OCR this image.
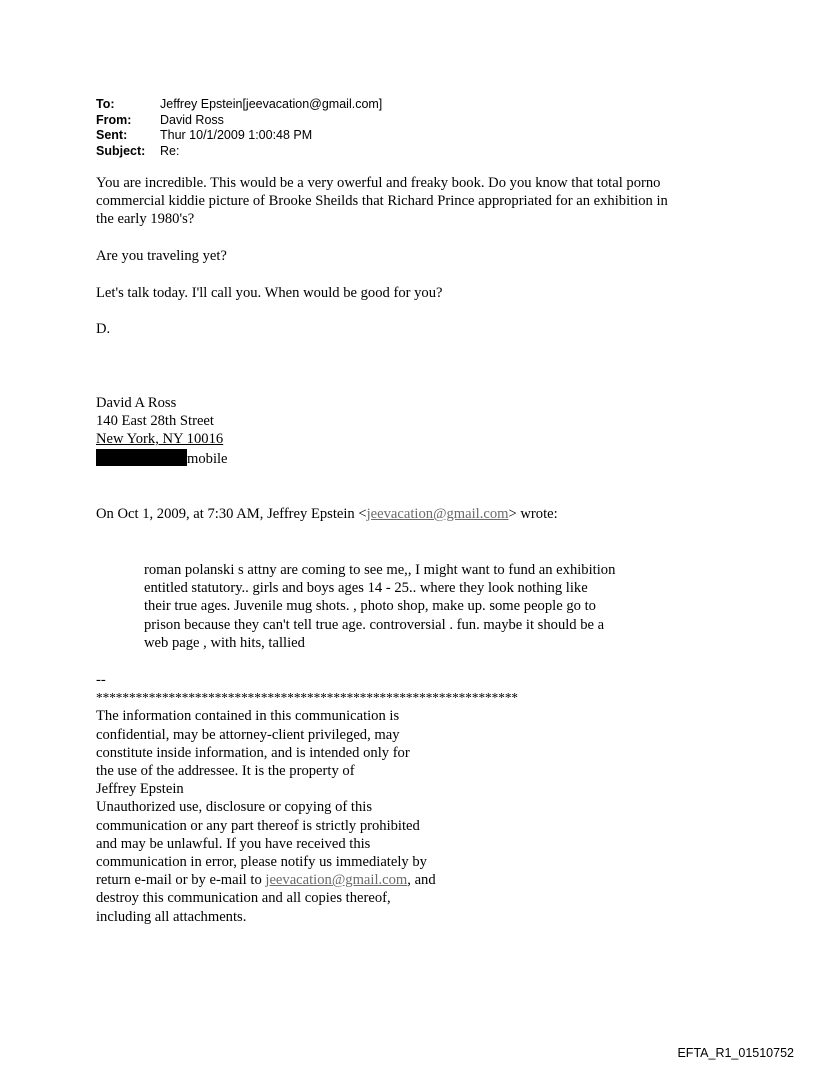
To:	Jeffrey Epstein[jeevacation@gmail.com]
From:	David Ross
Sent:	Thur 10/1/2009 1:00:48 PM
Subject:	Re:
You are incredible. This would be a very owerful and freaky book. Do you know that total porno
commercial kiddie picture of Brooke Sheilds that Richard Prince appropriated for an exhibition in
the early 1980's?
Are you traveling yet?
Let's talk today. I'll call you. When would be good for you?
D.
David A Ross
140 East 28th Street
New York, NY 10016
mobile
On Oct 1, 2009, at 7:30 AM, Jeffrey Epstein <jeevacation@gmail.com> wrote:
roman polanski s attny are coming to see me,, I might want to fund an exhibition
entitled statutory.. girls and boys ages 14 - 25.. where they look nothing like
their true ages. Juvenile mug shots. , photo shop, make up. some people go to
prison because they can't tell true age. controversial . fun. maybe it should be a
web page , with hits, tallied
--
****************************************************************
The information contained in this communication is
confidential, may be attorney-client privileged, may
constitute inside information, and is intended only for
the use of the addressee. It is the property of
Jeffrey Epstein
Unauthorized use, disclosure or copying of this
communication or any part thereof is strictly prohibited
and may be unlawful. If you have received this
communication in error, please notify us immediately by
return e-mail or by e-mail to jeevacation@gmail.com, and
destroy this communication and all copies thereof,
including all attachments.
EFTA_R1_01510752
